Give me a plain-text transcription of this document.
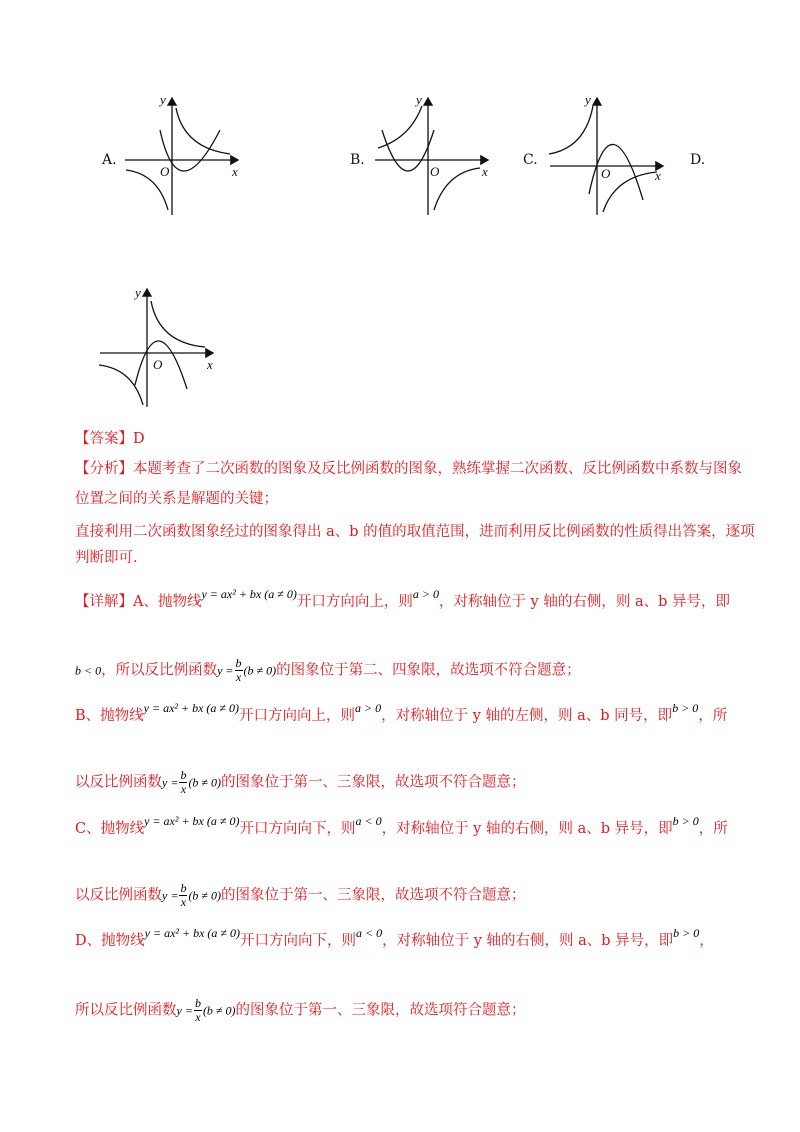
A.	B.	C.	D.
x
y
O	x
y
O	x
y
O
x
y
O
【答案】D
【分析】本题考查了二次函数的图象及反比例函数的图象，熟练掌握二次函数、反比例函数中系数与图象
位置之间的关系是解题的关键；
直接利用二次函数图象经过的图象得出 a、b 的值的取值范围，进而利用反比例函数的性质得出答案，逐项
判断即可.
【详解】A、抛物线$^{y = ax^2 + bx (a \ne 0)}$开口方向向上，则$^{a > 0}$，对称轴位于 y 轴的右侧，则 a、b 异号，即
b < 0，所以反比例函数$y = \frac{b}{x} (b \ne 0)$的图象位于第二、四象限，故选项不符合题意；
B、抛物线$^{y = ax^2 + bx (a \ne 0)}$开口方向向上，则$^{a > 0}$，对称轴位于 y 轴的左侧，则 a、b 同号，即$^{b > 0}$，所
以反比例函数$y = \frac{b}{x} (b \ne 0)$的图象位于第一、三象限，故选项不符合题意；
C、抛物线$^{y = ax^2 + bx (a \ne 0)}$开口方向向下，则$^{a < 0}$，对称轴位于 y 轴的右侧，则 a、b 异号，即$^{b > 0}$，所
以反比例函数$y = \frac{b}{x} (b \ne 0)$的图象位于第一、三象限，故选项不符合题意；
D、抛物线$^{y = ax^2 + bx (a \ne 0)}$开口方向向下，则$^{a < 0}$，对称轴位于 y 轴的右侧，则 a、b 异号，即$^{b > 0}$，
所以反比例函数$y = \frac{b}{x} (b \ne 0)$的图象位于第一、三象限，故选项符合题意；
